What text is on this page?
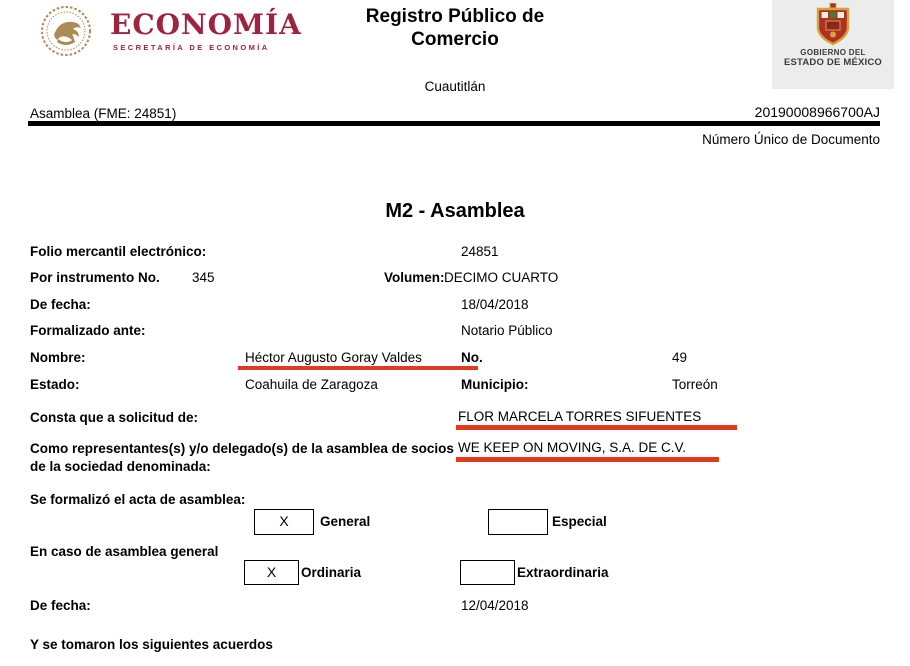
ECONOMÍA
SECRETARÍA DE ECONOMÍA
Registro Público de
Comercio
Cuautitlán
GOBIERNO DEL
ESTADO DE MÉXICO
Asamblea (FME: 24851)	20190008966700AJ
Número Único de Documento
M2 - Asamblea
Folio mercantil electrónico:	24851
Por instrumento No. 345	Volumen: DECIMO CUARTO
De fecha:	18/04/2018
Formalizado ante:	Notario Público
Nombre:	Héctor Augusto Goray Valdes	No.	49
Estado:	Coahuila de Zaragoza	Municipio:	Torreón
Consta que a solicitud de:	FLOR MARCELA TORRES SIFUENTES
Como representantes(s) y/o delegado(s) de la asamblea de socios de la sociedad denominada:
WE KEEP ON MOVING, S.A. DE C.V.
Se formalizó el acta de asamblea:
X	General	Especial
En caso de asamblea general
X	Ordinaria	Extraordinaria
De fecha:	12/04/2018
Y se tomaron los siguientes acuerdos
